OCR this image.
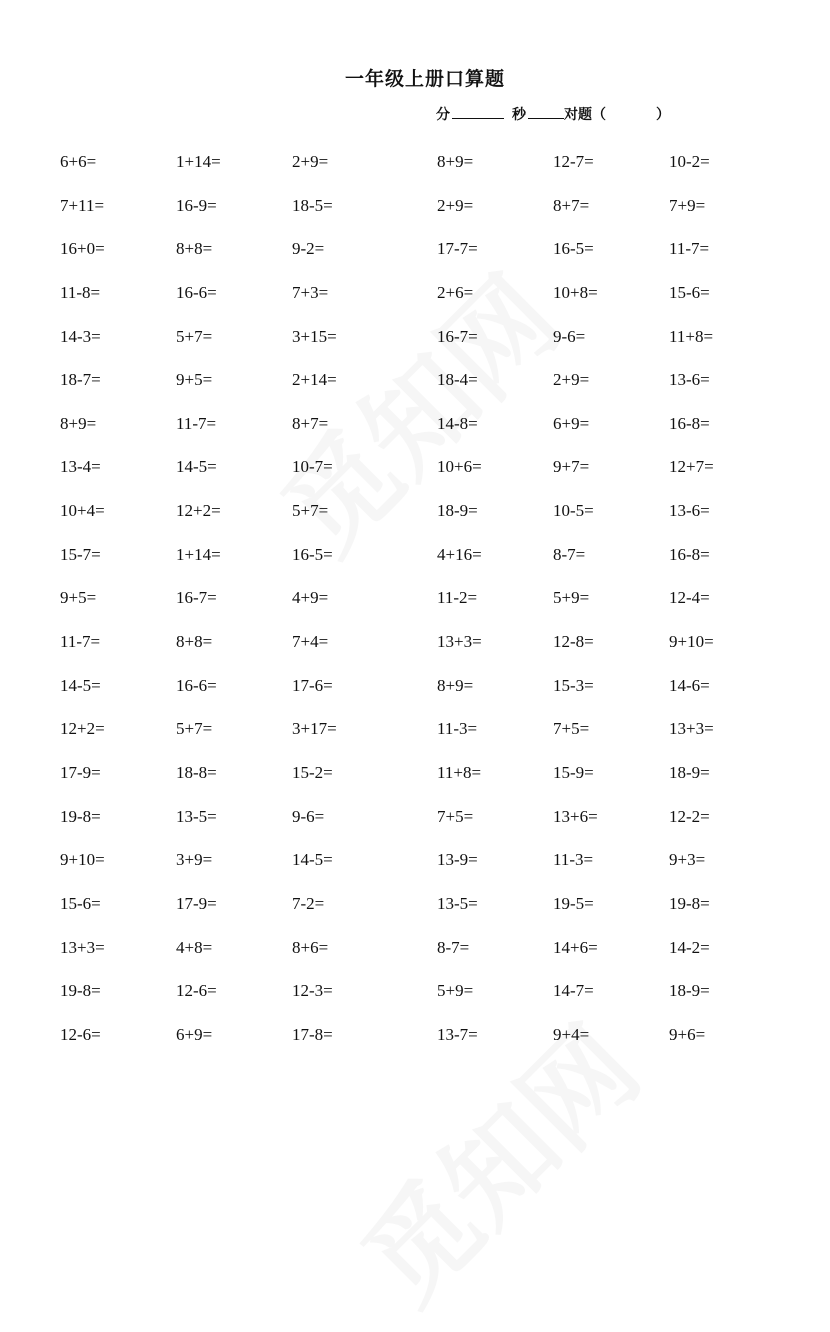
一年级上册口算题
分	秒	对题（	）
6+6=	1+14=	2+9=	8+9=	12-7=	10-2=
7+11=	16-9=	18-5=	2+9=	8+7=	7+9=
16+0=	8+8=	9-2=	17-7=	16-5=	11-7=
11-8=	16-6=	7+3=	2+6=	10+8=	15-6=
14-3=	5+7=	3+15=	16-7=	9-6=	11+8=
18-7=	9+5=	2+14=	18-4=	2+9=	13-6=
8+9=	11-7=	8+7=	14-8=	6+9=	16-8=
13-4=	14-5=	10-7=	10+6=	9+7=	12+7=
10+4=	12+2=	5+7=	18-9=	10-5=	13-6=
15-7=	1+14=	16-5=	4+16=	8-7=	16-8=
9+5=	16-7=	4+9=	11-2=	5+9=	12-4=
11-7=	8+8=	7+4=	13+3=	12-8=	9+10=
14-5=	16-6=	17-6=	8+9=	15-3=	14-6=
12+2=	5+7=	3+17=	11-3=	7+5=	13+3=
17-9=	18-8=	15-2=	11+8=	15-9=	18-9=
19-8=	13-5=	9-6=	7+5=	13+6=	12-2=
9+10=	3+9=	14-5=	13-9=	11-3=	9+3=
15-6=	17-9=	7-2=	13-5=	19-5=	19-8=
13+3=	4+8=	8+6=	8-7=	14+6=	14-2=
19-8=	12-6=	12-3=	5+9=	14-7=	18-9=
12-6=	6+9=	17-8=	13-7=	9+4=	9+6=
